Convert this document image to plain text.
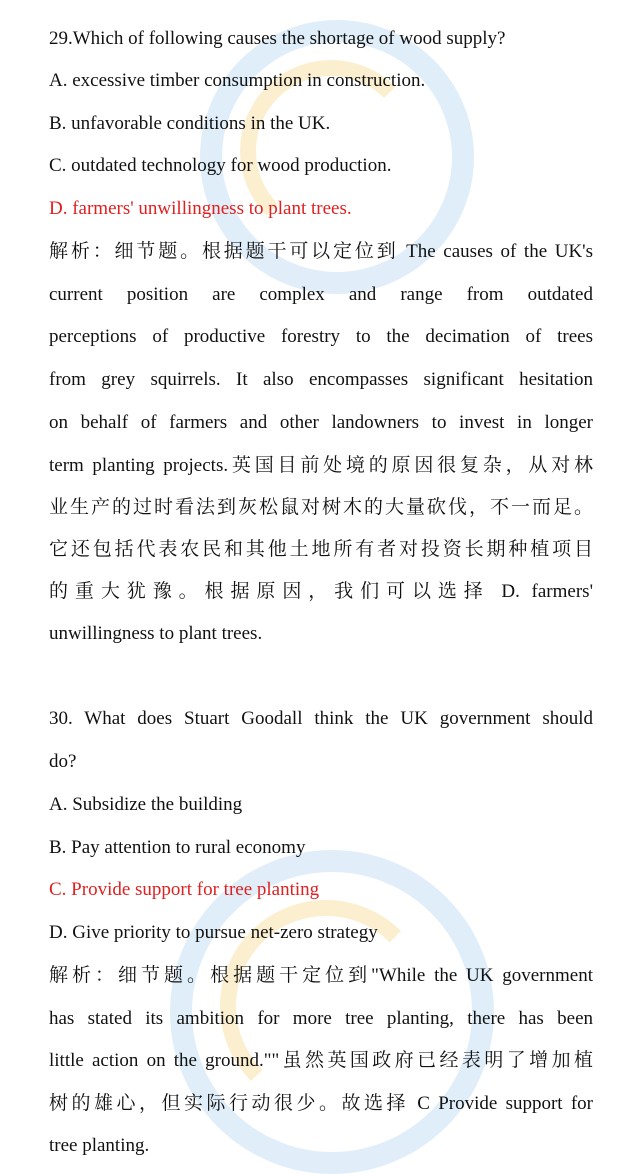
29.Which of following causes the shortage of wood supply?
A. excessive timber consumption in construction.
B. unfavorable conditions in the UK.
C. outdated technology for wood production.
D. farmers' unwillingness to plant trees.
解析：细节题。根据题干可以定位到 The causes of the UK's
current position are complex and range from outdated
perceptions of productive forestry to the decimation of trees
from grey squirrels. It also encompasses significant hesitation
on behalf of farmers and other landowners to invest in longer
term planting projects.英国目前处境的原因很复杂，从对林
业生产的过时看法到灰松鼠对树木的大量砍伐，不一而足。
它还包括代表农民和其他土地所有者对投资长期种植项目
的重大犹豫。根据原因，我们可以选择 D. farmers'
unwillingness to plant trees.
30. What does Stuart Goodall think the UK government should
do?
A. Subsidize the building
B. Pay attention to rural economy
C. Provide support for tree planting
D. Give priority to pursue net-zero strategy
解析：细节题。根据题干定位到"While the UK government
has stated its ambition for more tree planting, there has been
little action on the ground.""虽然英国政府已经表明了增加植
树的雄心，但实际行动很少。故选择 C Provide support for
tree planting.
